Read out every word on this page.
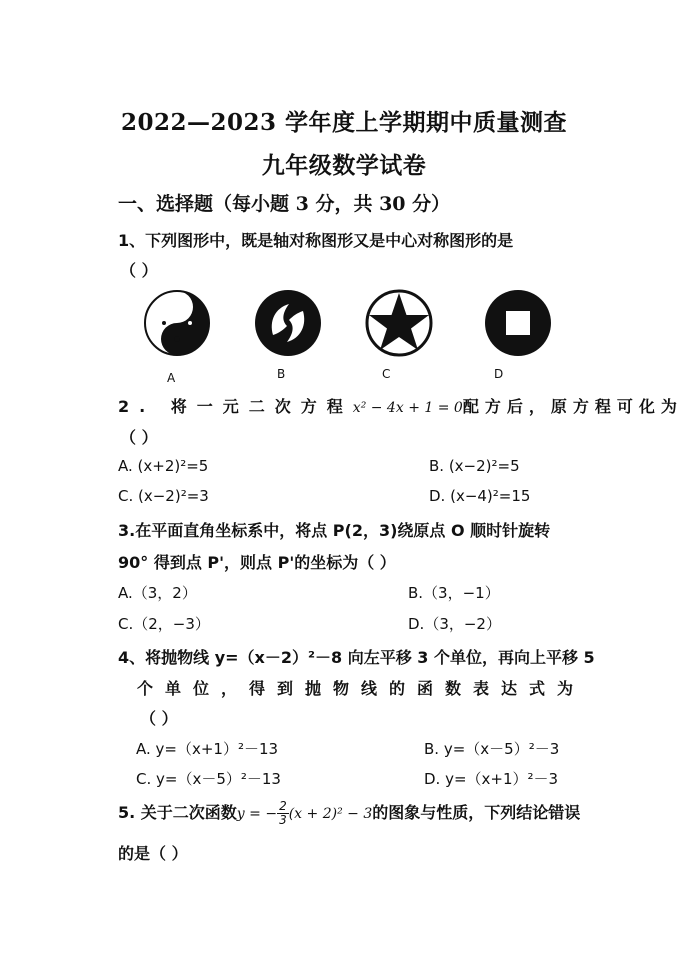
2022—2023 学年度上学期期中质量测查
九年级数学试卷
一、选择题（每小题 3 分，共 30 分）
1、下列图形中，既是轴对称图形又是中心对称图形的是
（ ）
A	B	C	D
2. 将一元二次方程x² − 4x + 1 = 0配方后，原方程可化为
（ ）
A. (x+2)²=5	B. (x−2)²=5
C. (x−2)²=3	D. (x−4)²=15
3.在平面直角坐标系中，将点 P(2，3)绕原点 O 顺时针旋转
90° 得到点 P'，则点 P'的坐标为（ ）
A.（3，2）	B.（3，−1）
C.（2，−3）	D.（3，−2）
4、将抛物线 y=（x－2）²－8 向左平移 3 个单位，再向上平移 5
个单位，得到抛物线的函数表达式为
（ ）
A. y=（x+1）²－13	B. y=（x－5）²－3
C. y=（x－5）²－13	D. y=（x+1）²－3
5. 关于二次函数y = − $\frac{2}{3} (x + 2)^2 - 3$的图象与性质，下列结论错误
的是（ ）
